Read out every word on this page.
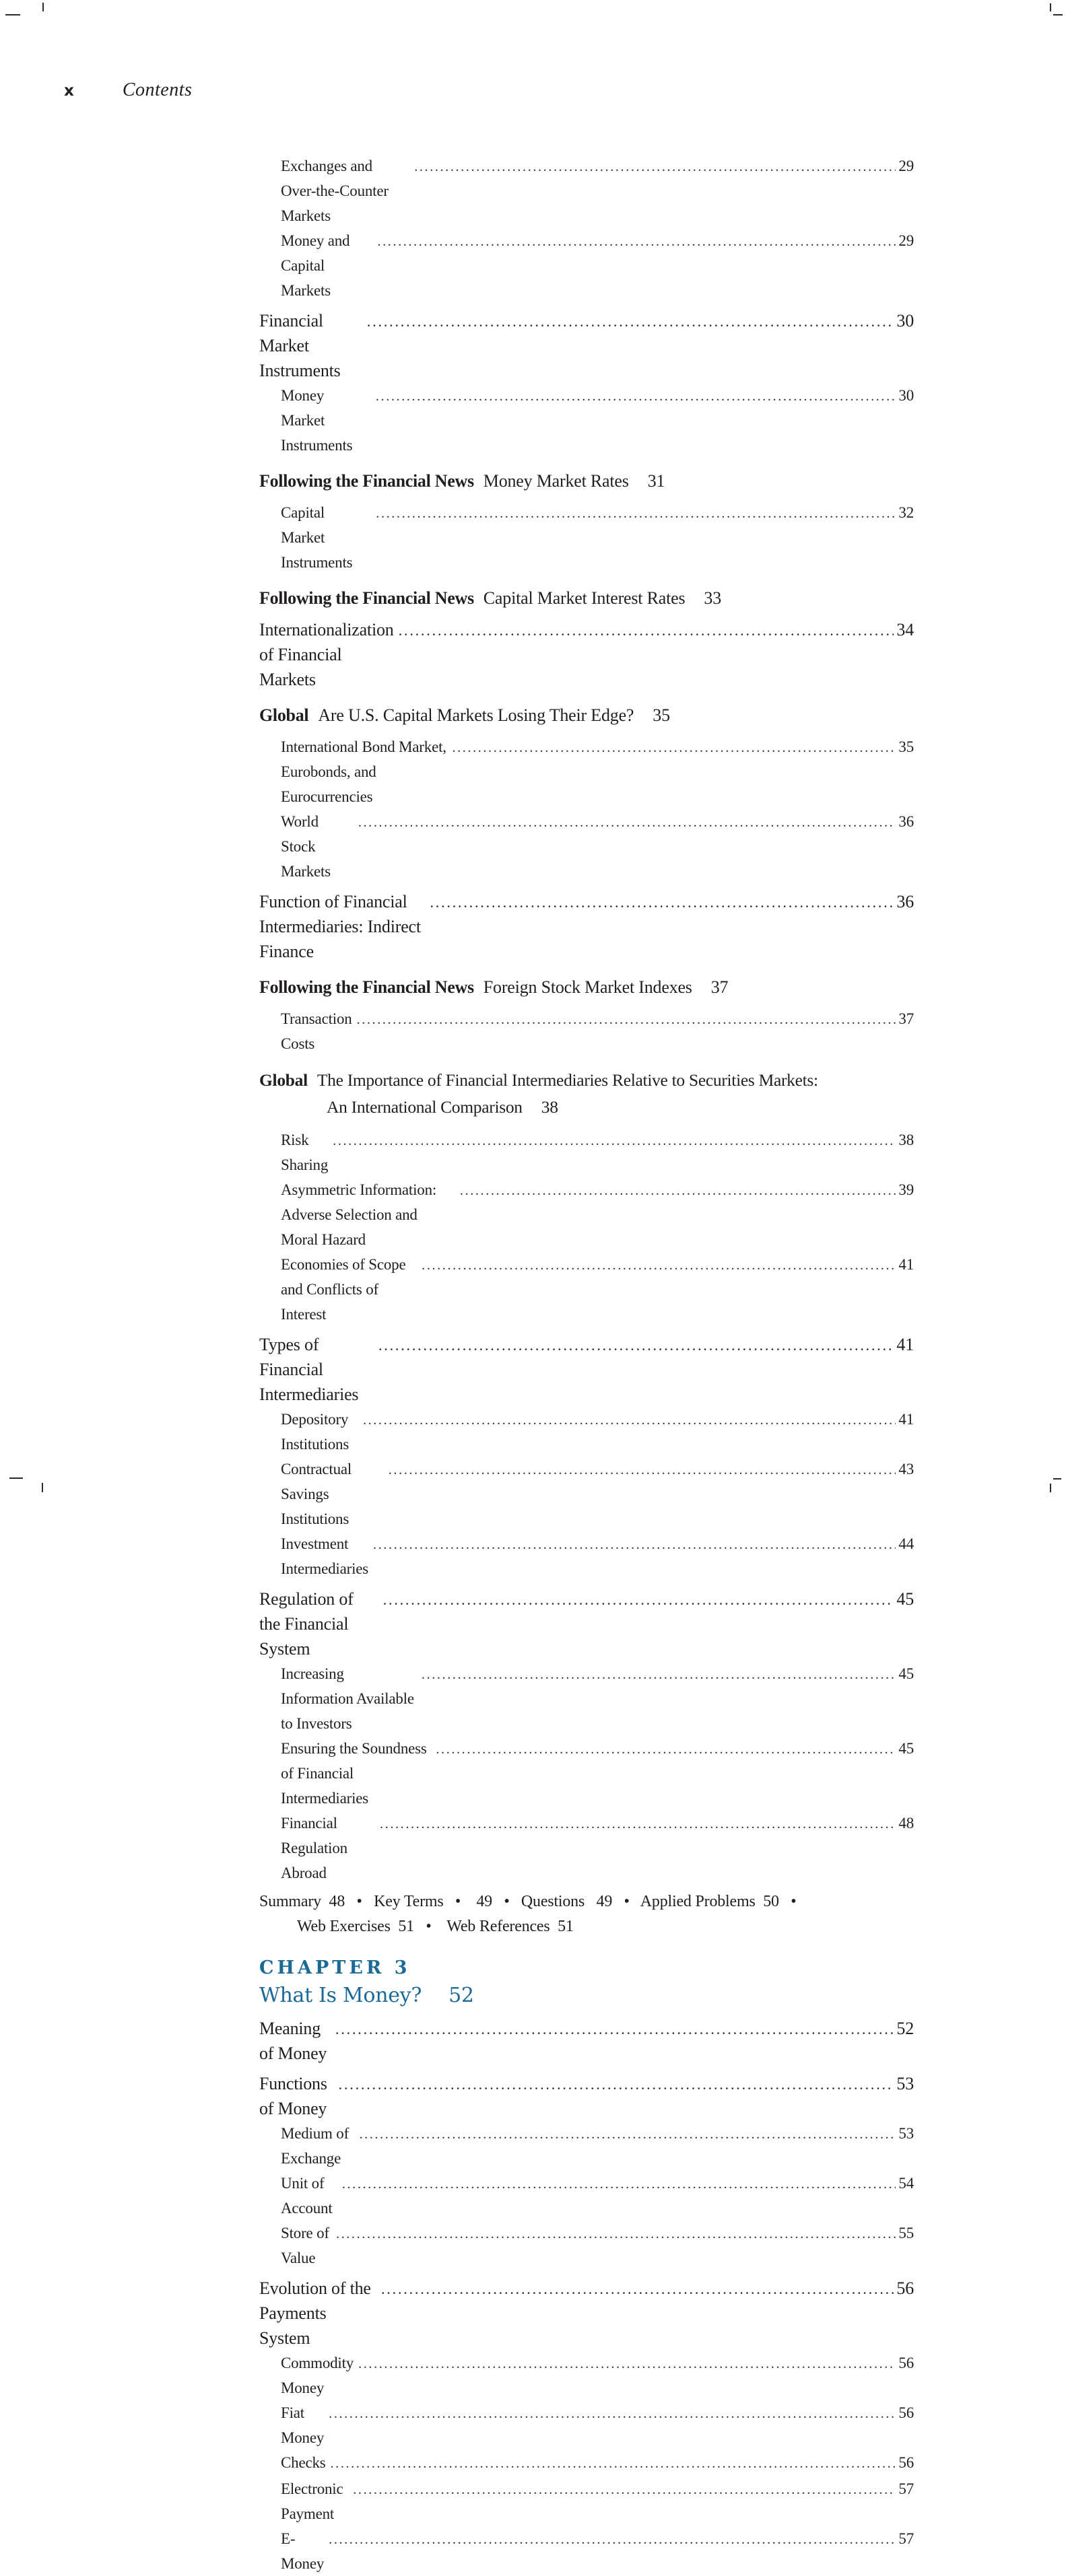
x	Contents
Exchanges and Over-the-Counter Markets
.....
29
Money and Capital Markets
.....
29
Financial Market Instruments
.....
30
Money Market Instruments
.....
30
Following the Financial News Money Market Rates 31
Capital Market Instruments
.....
32
Following the Financial News Capital Market Interest Rates 33
Internationalization of Financial Markets
.....
34
Global Are U.S. Capital Markets Losing Their Edge? 35
International Bond Market, Eurobonds, and Eurocurrencies
.....
35
World Stock Markets
.....
36
Function of Financial Intermediaries: Indirect Finance
.....
36
Following the Financial News Foreign Stock Market Indexes 37
Transaction Costs
.....
37
Global The Importance of Financial Intermediaries Relative to Securities Markets:
An International Comparison 38
Risk Sharing
.....
38
Asymmetric Information: Adverse Selection and Moral Hazard
.....
39
Economies of Scope and Conflicts of Interest
.....
41
Types of Financial Intermediaries
.....
41
Depository Institutions
.....
41
Contractual Savings Institutions
.....
43
Investment Intermediaries
.....
44
Regulation of the Financial System
.....
45
Increasing Information Available to Investors
.....
45
Ensuring the Soundness of Financial Intermediaries
.....
45
Financial Regulation Abroad
.....
48
Summary  48   •   Key Terms   •    49   •   Questions   49   •   Applied Problems  50   •
Web Exercises  51   •    Web References  51
CHAPTER 3
What Is Money? 52
Meaning of Money
.....
52
Functions of Money
.....
53
Medium of Exchange
.....
53
Unit of Account
.....
54
Store of Value
.....
55
Evolution of the Payments System
.....
56
Commodity Money
.....
56
Fiat Money
.....
56
Checks .....	56
Electronic Payment
.....
57
E-Money
.....
57
